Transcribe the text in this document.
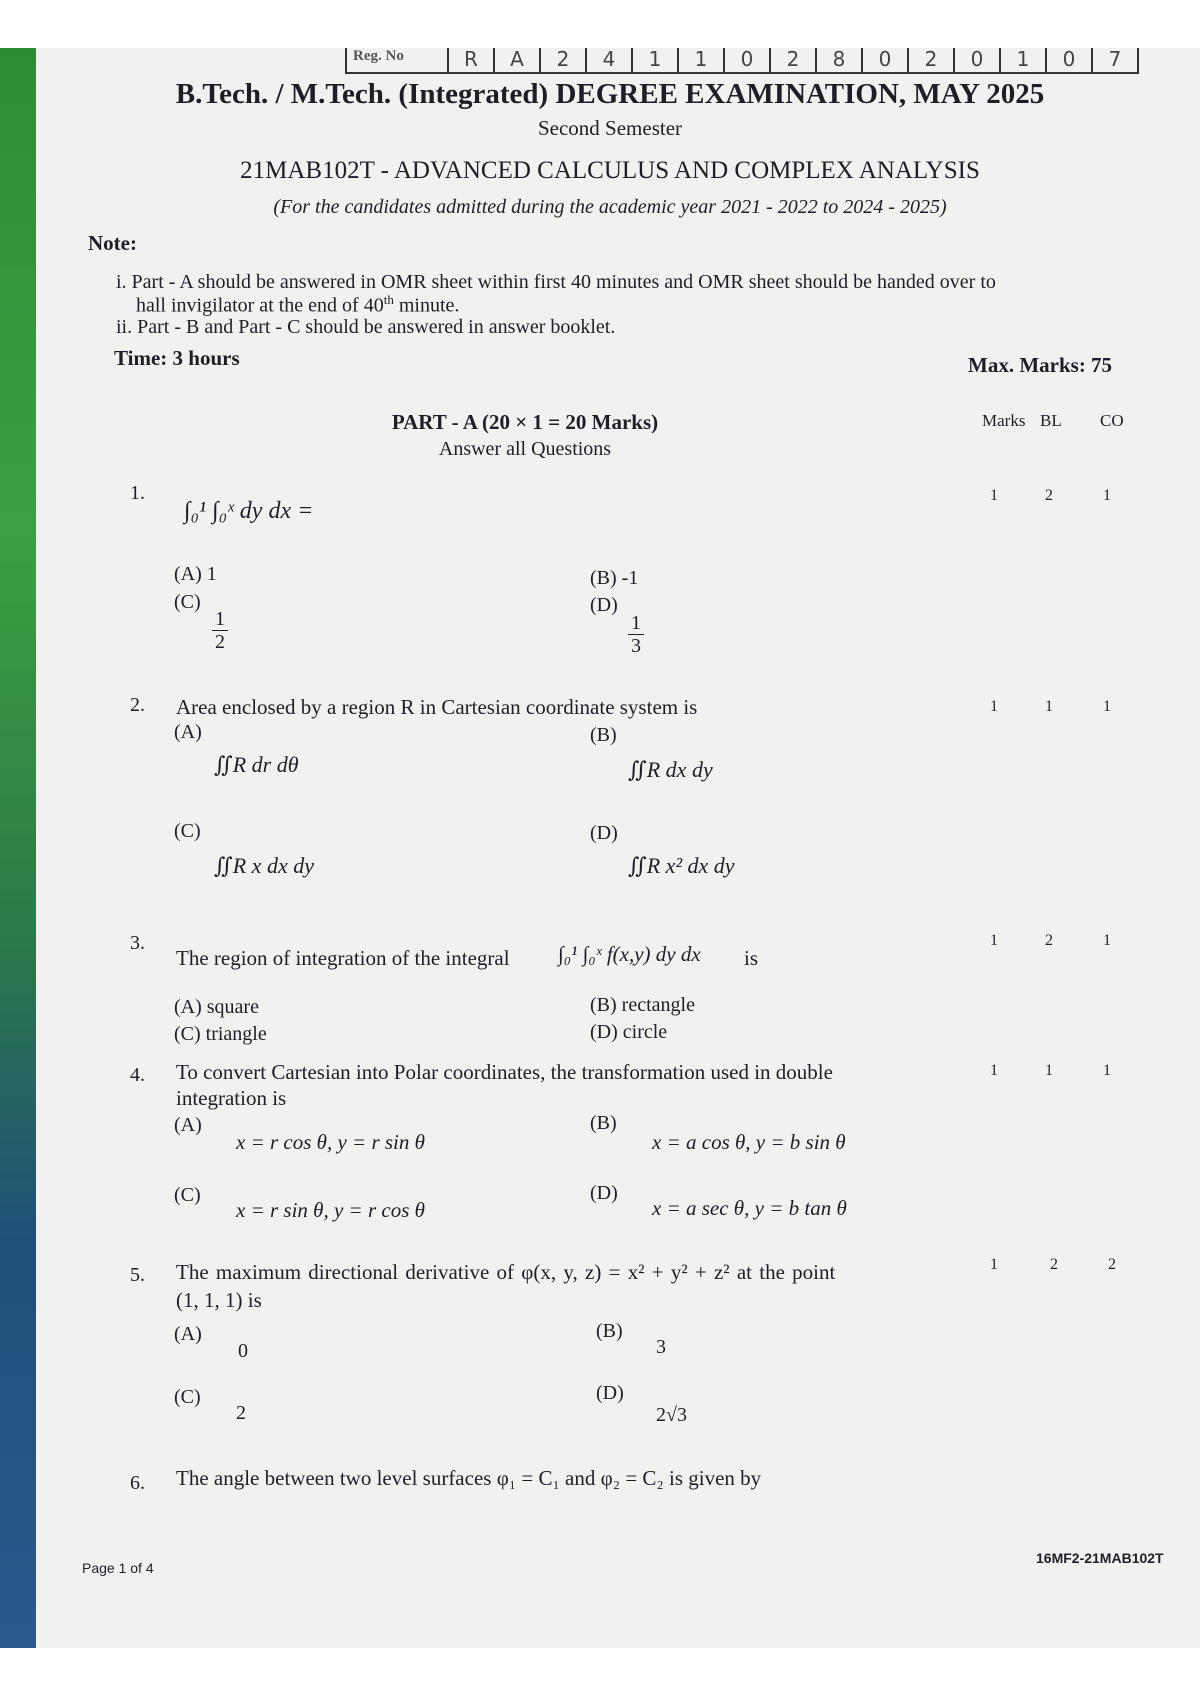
Reg. No	R	A	2	4	1	1	0	2	8	0	2	0	1	0	7
B.Tech. / M.Tech. (Integrated) DEGREE EXAMINATION, MAY 2025
Second Semester
21MAB102T - ADVANCED CALCULUS AND COMPLEX ANALYSIS
(For the candidates admitted during the academic year 2021 - 2022 to 2024 - 2025)
Note:
i. Part - A should be answered in OMR sheet within first 40 minutes and OMR sheet should be handed over to
hall invigilator at the end of 40th minute.
ii. Part - B and Part - C should be answered in answer booklet.
Time: 3 hours	Max. Marks: 75
PART - A (20 × 1 = 20 Marks)
Answer all Questions
Marks BL CO
1.
∫₀¹ ∫₀ˣ dy dx =
1	2	1
(A) 1	(B) -1
(C)
$\frac{1}{2}$
(D)
$\frac{1}{3}$
2. Area enclosed by a region R in Cartesian coordinate system is	1	1	1
(A)
∬R dr dθ
(B)
∬R dx dy
(C)
∬R x dx dy
(D)
∬R x² dx dy
3.
The region of integration of the integral ∫₀¹ ∫₀ˣ f(x,y) dy dx is
1	2	1
(A) square	(B) rectangle
(C) triangle	(D) circle
4. To convert Cartesian into Polar coordinates, the transformation used in double
integration is
1	1	1
(A)
x = r cos θ, y = r sin θ
(B)
x = a cos θ, y = b sin θ
(C)
x = r sin θ, y = r cos θ
(D)
x = a sec θ, y = b tan θ
5. The maximum directional derivative of φ(x, y, z) = x² + y² + z² at the point
(1, 1, 1) is
1	2	2
(A)
0
(B)
3
(C)
2
(D)
2√3
6. The angle between two level surfaces φ₁ = C₁ and φ₂ = C₂ is given by
Page 1 of 4
16MF2-21MAB102T
